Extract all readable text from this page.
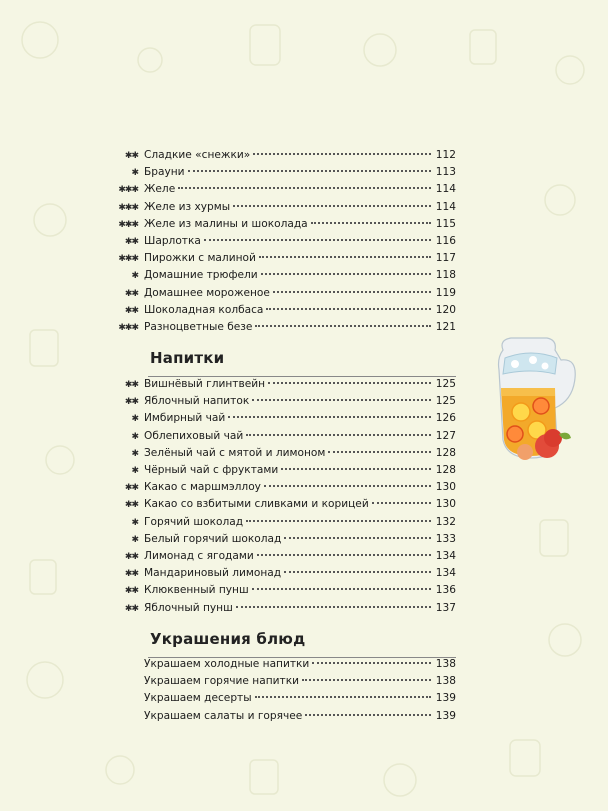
✱✱ Сладкие «снежки»	112
✱ Брауни	113
✱✱✱ Желе	114
✱✱✱ Желе из хурмы	114
✱✱✱ Желе из малины и шоколада	115
✱✱ Шарлотка	116
✱✱✱ Пирожки с малиной	117
✱ Домашние трюфели	118
✱✱ Домашнее мороженое	119
✱✱ Шоколадная колбаса	120
✱✱✱ Разноцветные безе	121
Напитки
✱✱ Вишнёвый глинтвейн	125
✱✱ Яблочный напиток	125
✱ Имбирный чай	126
✱ Облепиховый чай	127
✱ Зелёный чай с мятой и лимоном	128
✱ Чёрный чай с фруктами	128
✱✱ Какао с маршмэллоу	130
✱✱ Какао со взбитыми сливками и корицей	130
✱ Горячий шоколад	132
✱ Белый горячий шоколад	133
✱✱ Лимонад с ягодами	134
✱✱ Мандариновый лимонад	134
✱✱ Клюквенный пунш	136
✱✱ Яблочный пунш	137
Украшения блюд
Украшаем холодные напитки	138
Украшаем горячие напитки	138
Украшаем десерты	139
Украшаем салаты и горячее	139
